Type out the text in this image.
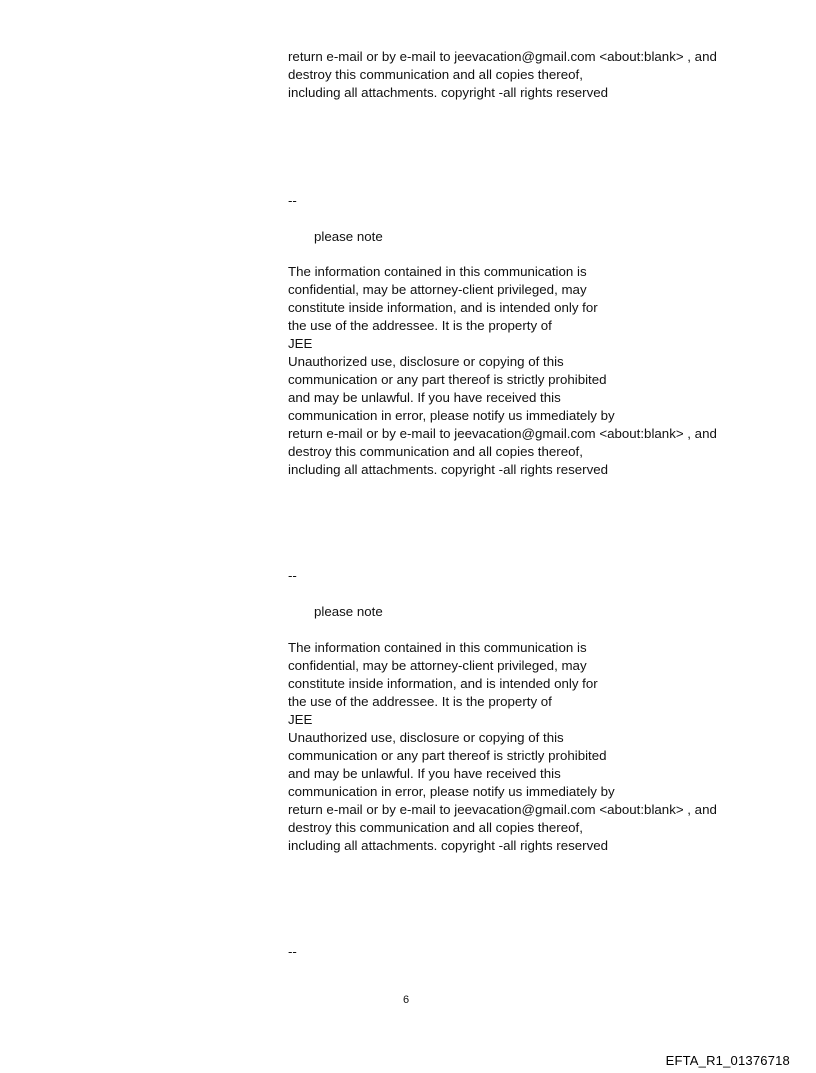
return e-mail or by e-mail to jeevacation@gmail.com <about:blank> , and
destroy this communication and all copies thereof,
including all attachments. copyright -all rights reserved
--
please note
The information contained in this communication is
confidential, may be attorney-client privileged, may
constitute inside information, and is intended only for
the use of the addressee. It is the property of
JEE
Unauthorized use, disclosure or copying of this
communication or any part thereof is strictly prohibited
and may be unlawful. If you have received this
communication in error, please notify us immediately by
return e-mail or by e-mail to jeevacation@gmail.com <about:blank> , and
destroy this communication and all copies thereof,
including all attachments. copyright -all rights reserved
--
please note
The information contained in this communication is
confidential, may be attorney-client privileged, may
constitute inside information, and is intended only for
the use of the addressee. It is the property of
JEE
Unauthorized use, disclosure or copying of this
communication or any part thereof is strictly prohibited
and may be unlawful. If you have received this
communication in error, please notify us immediately by
return e-mail or by e-mail to jeevacation@gmail.com <about:blank> , and
destroy this communication and all copies thereof,
including all attachments. copyright -all rights reserved
--
6
EFTA_R1_01376718
